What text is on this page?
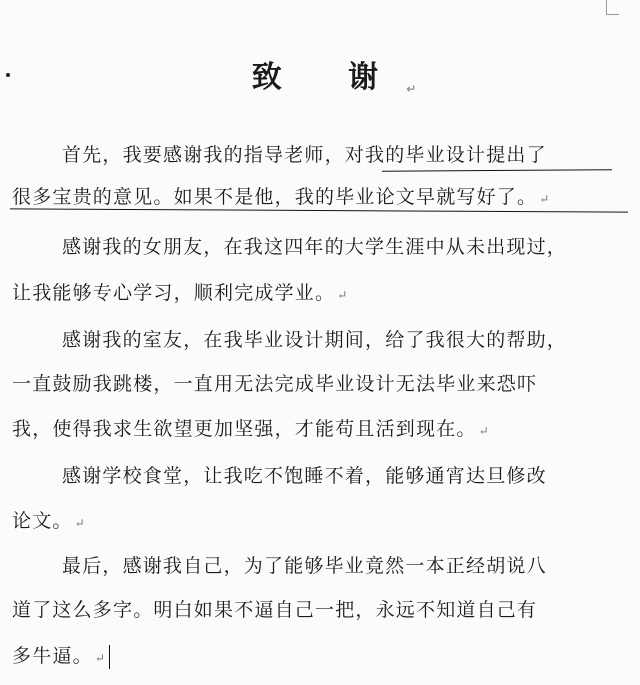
致 谢↵
首先，我要感谢我的指导老师，对我的毕业设计提出了
很多宝贵的意见。如果不是他，我的毕业论文早就写好了。 ↵
感谢我的女朋友，在我这四年的大学生涯中从未出现过，
让我能够专心学习，顺利完成学业。 ↵
感谢我的室友，在我毕业设计期间，给了我很大的帮助，
一直鼓励我跳楼，一直用无法完成毕业设计无法毕业来恐吓
我，使得我求生欲望更加坚强，才能苟且活到现在。 ↵
感谢学校食堂，让我吃不饱睡不着，能够通宵达旦修改
论文。 ↵
最后，感谢我自己，为了能够毕业竟然一本正经胡说八
道了这么多字。明白如果不逼自己一把，永远不知道自己有
多牛逼。 ↵
